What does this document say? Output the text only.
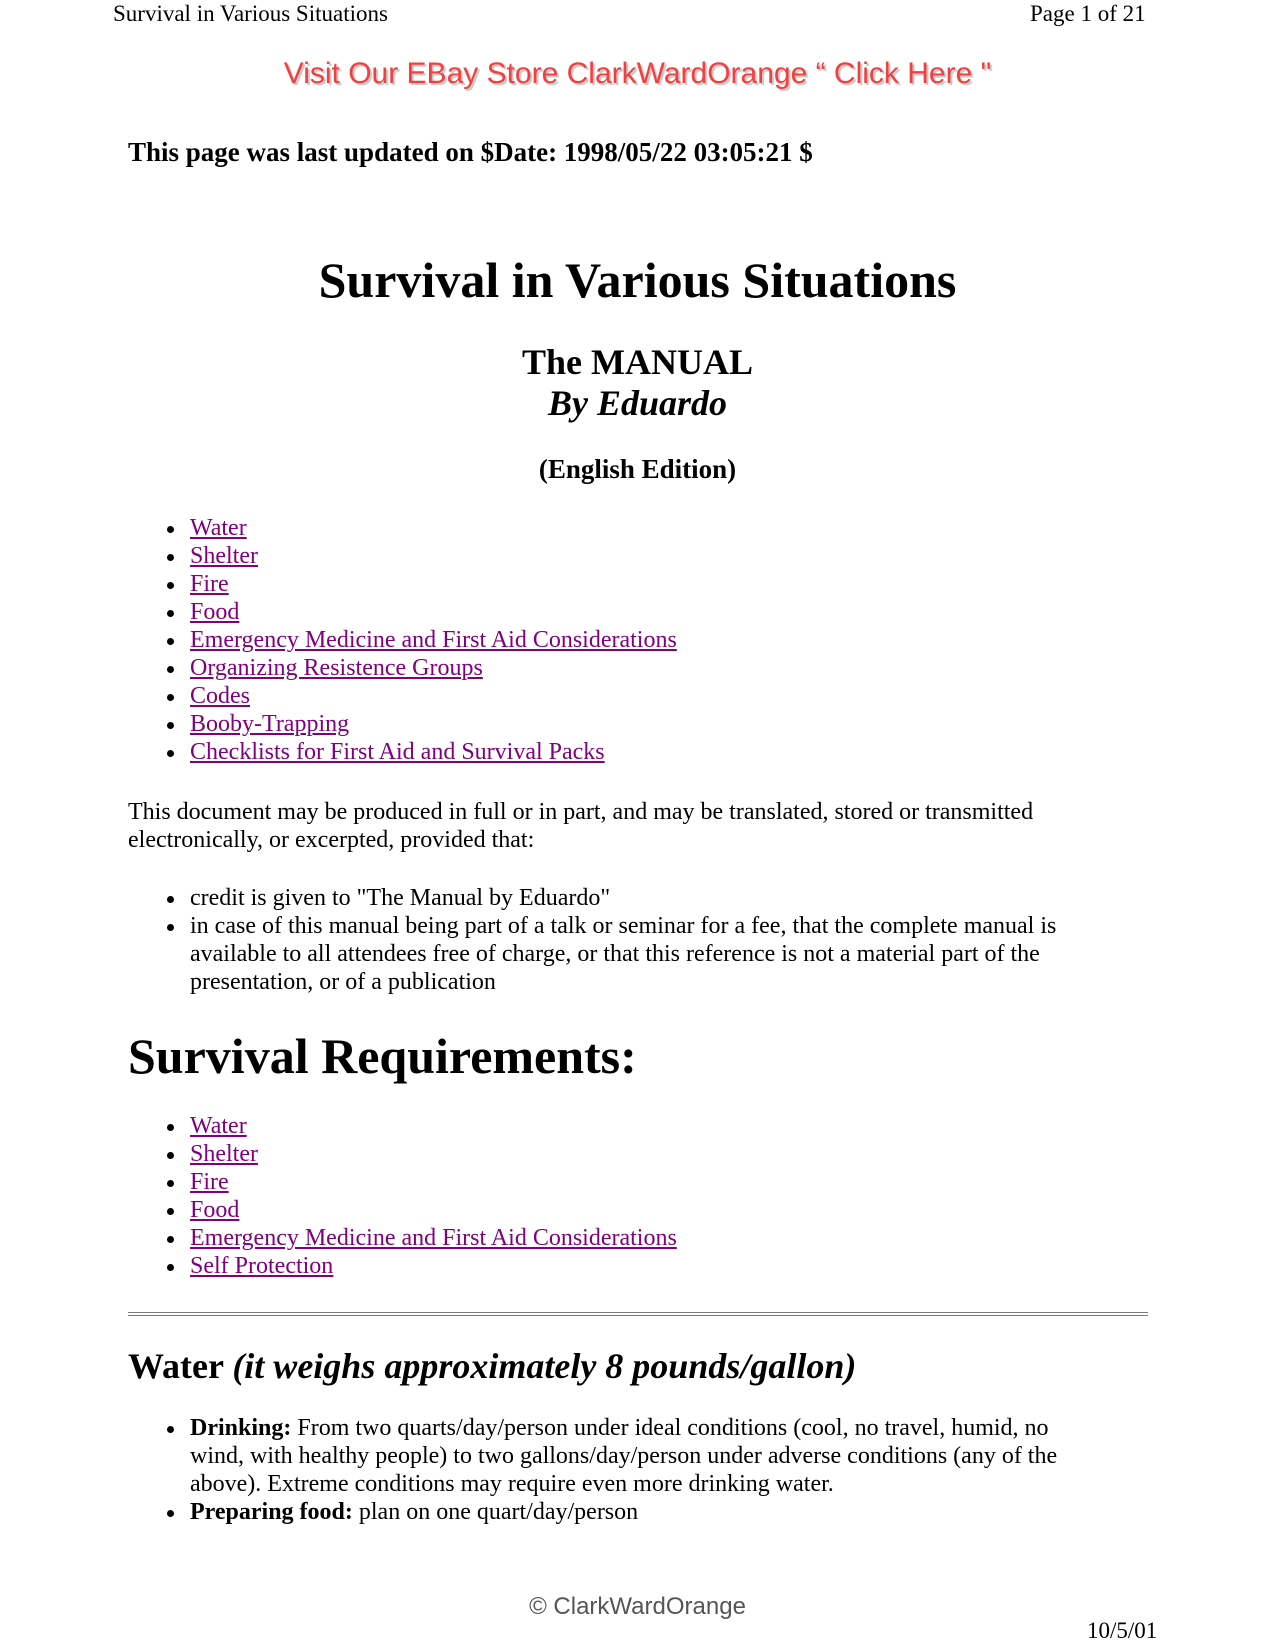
Survival in Various Situations	Page 1 of 21
Visit Our EBay Store ClarkWardOrange “ Click Here "
This page was last updated on $Date: 1998/05/22 03:05:21 $
Survival in Various Situations
The MANUAL
By Eduardo
(English Edition)
Water
Shelter
Fire
Food
Emergency Medicine and First Aid Considerations
Organizing Resistence Groups
Codes
Booby-Trapping
Checklists for First Aid and Survival Packs
This document may be produced in full or in part, and may be translated, stored or transmitted electronically, or excerpted, provided that:
credit is given to "The Manual by Eduardo"
in case of this manual being part of a talk or seminar for a fee, that the complete manual is available to all attendees free of charge, or that this reference is not a material part of the presentation, or of a publication
Survival Requirements:
Water
Shelter
Fire
Food
Emergency Medicine and First Aid Considerations
Self Protection
Water (it weighs approximately 8 pounds/gallon)
Drinking: From two quarts/day/person under ideal conditions (cool, no travel, humid, no wind, with healthy people) to two gallons/day/person under adverse conditions (any of the above). Extreme conditions may require even more drinking water.
Preparing food: plan on one quart/day/person
© ClarkWardOrange
10/5/01
